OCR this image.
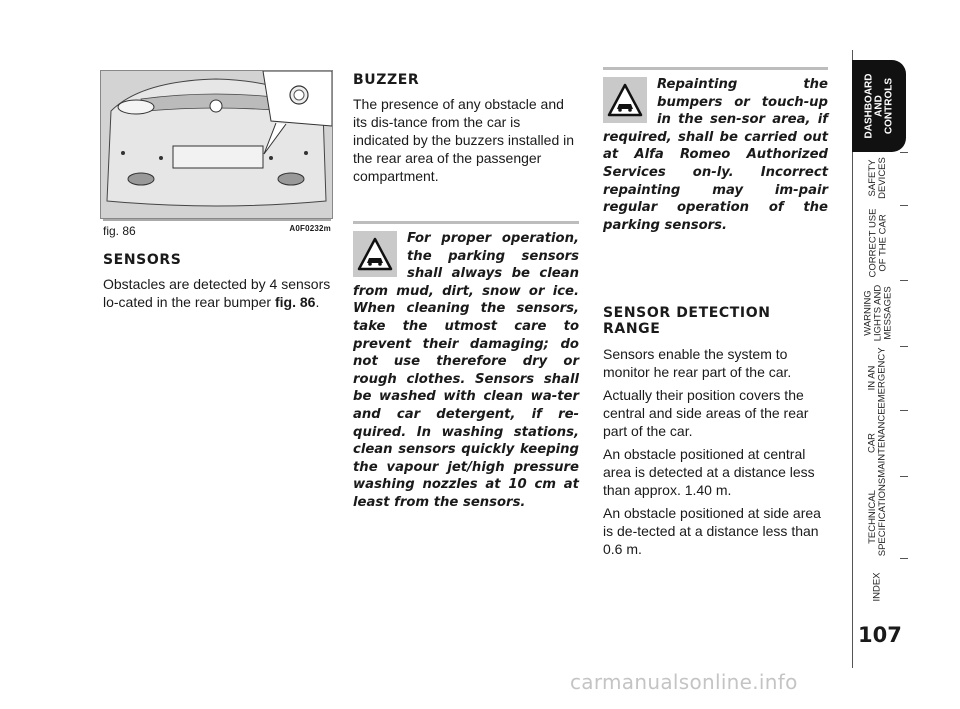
fig. 86	A0F0232m
SENSORS
Obstacles are detected by 4 sensors lo-cated in the rear bumper fig. 86.
BUZZER
The presence of any obstacle and its dis-tance from the car is indicated by the buzzers installed in the rear area of the passenger compartment.
For proper operation, the parking sensors shall always be clean from mud, dirt, snow or ice. When cleaning the sensors, take the utmost care to prevent their damaging; do not use therefore dry or rough clothes. Sensors shall be washed with clean wa-ter and car detergent, if re-quired. In washing stations, clean sensors quickly keeping the vapour jet/high pressure washing nozzles at 10 cm at least from the sensors.
Repainting the bumpers or touch-up in the sen-sor area, if required, shall be carried out at Alfa Romeo Authorized Services on-ly. Incorrect repainting may im-pair regular operation of the parking sensors.
SENSOR DETECTION RANGE
Sensors enable the system to monitor he rear part of the car.
Actually their position covers the central and side areas of the rear part of the car.
An obstacle positioned at central area is detected at a distance less than approx. 1.40 m.
An obstacle positioned at side area is de-tected at a distance less than 0.6 m.
DASHBOARD
AND
CONTROLS
SAFETY
DEVICES
CORRECT USE
OF THE CAR
WARNING
LIGHTS AND
MESSAGES
IN AN
EMERGENCY
CAR
MAINTENANCE
TECHNICAL
SPECIFICATIONS
INDEX
107
carmanualsonline.info
